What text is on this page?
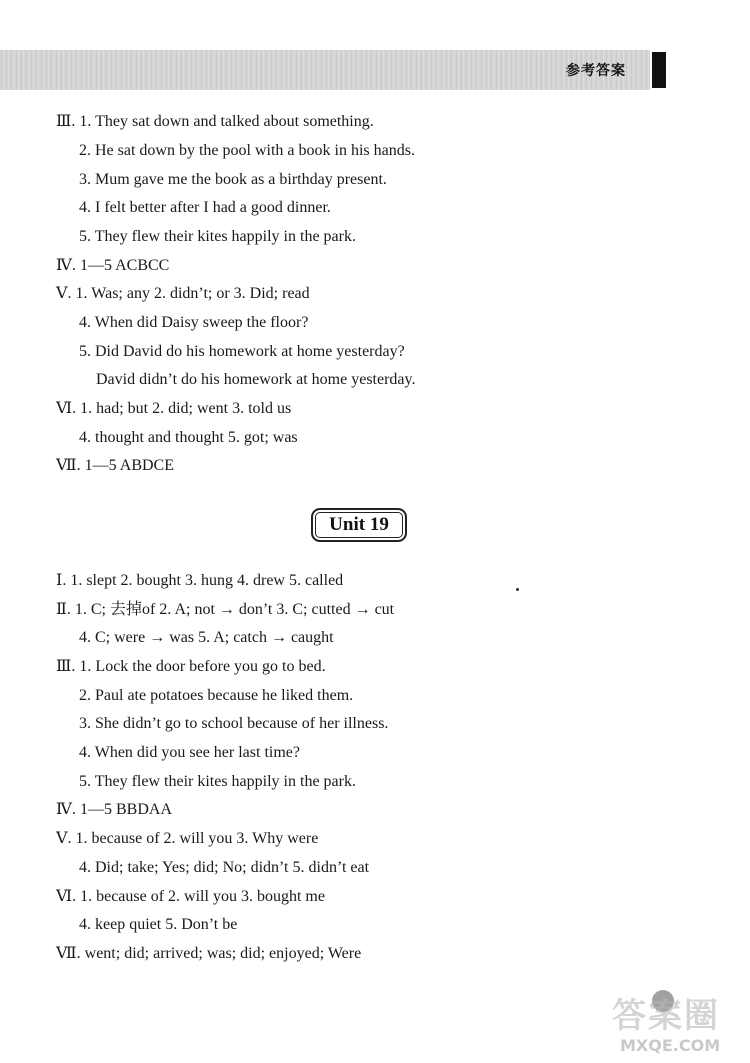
参考答案
Ⅲ. 1. They sat down and talked about something.
2. He sat down by the pool with a book in his hands.
3. Mum gave me the book as a birthday present.
4. I felt better after I had a good dinner.
5. They flew their kites happily in the park.
Ⅳ. 1—5 ACBCC
Ⅴ. 1. Was; any 2. didn’t; or 3. Did; read
4. When did Daisy sweep the floor?
5. Did David do his homework at home yesterday?
David didn’t do his homework at home yesterday.
Ⅵ. 1. had; but 2. did; went 3. told us
4. thought and thought 5. got; was
Ⅶ. 1—5 ABDCE
Unit 19
Ⅰ. 1. slept 2. bought 3. hung 4. drew 5. called
Ⅱ. 1. C; 去掉of 2. A; not → don’t 3. C; cutted → cut
4. C; were → was 5. A; catch → caught
Ⅲ. 1. Lock the door before you go to bed.
2. Paul ate potatoes because he liked them.
3. She didn’t go to school because of her illness.
4. When did you see her last time?
5. They flew their kites happily in the park.
Ⅳ. 1—5 BBDAA
Ⅴ. 1. because of 2. will you 3. Why were
4. Did; take; Yes; did; No; didn’t 5. didn’t eat
Ⅵ. 1. because of 2. will you 3. bought me
4. keep quiet 5. Don’t be
Ⅶ. went; did; arrived; was; did; enjoyed; Were
答案圈
MXQE.COM
